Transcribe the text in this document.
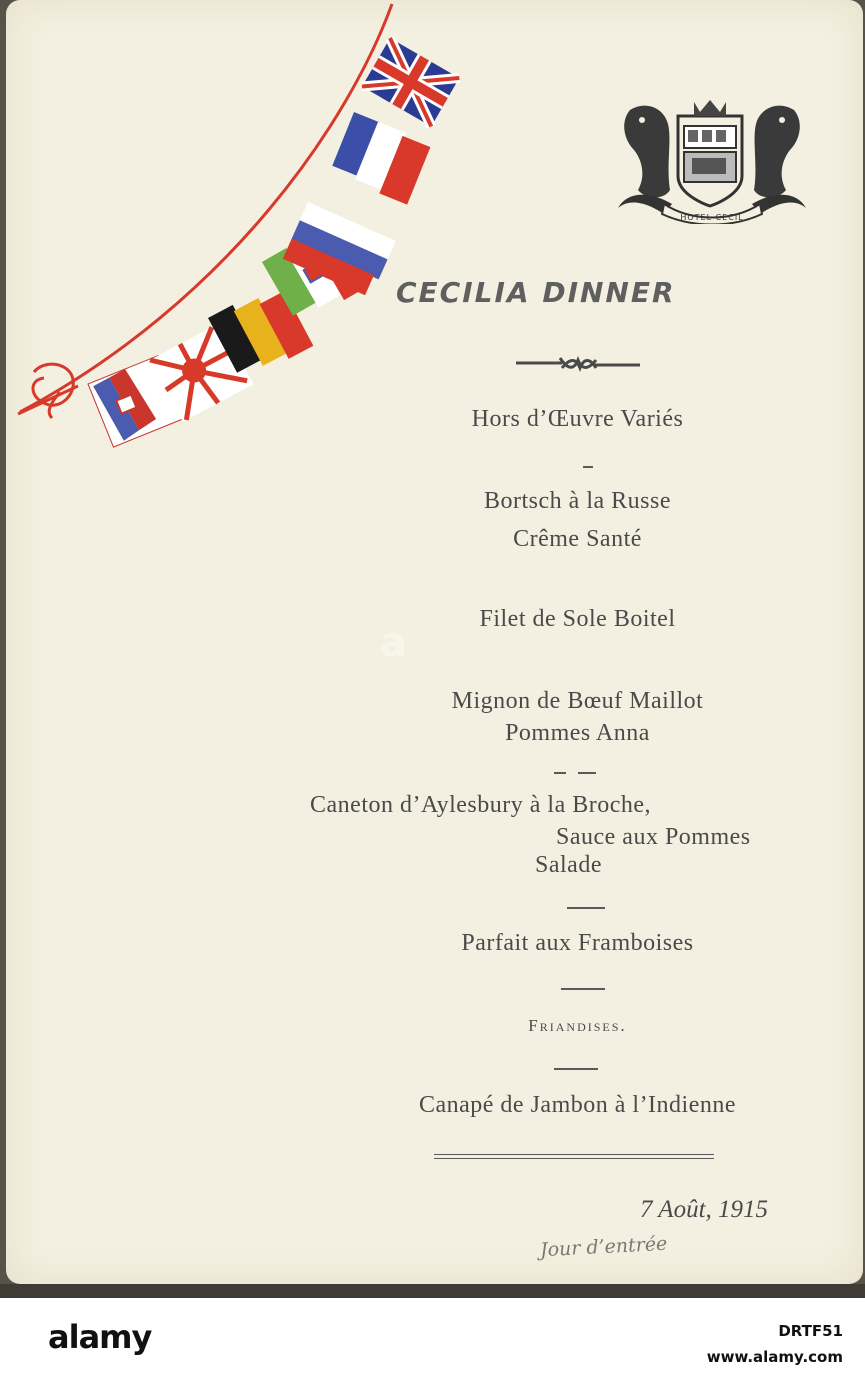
HOTEL CECIL
CECILIA DINNER
Hors d’Œuvre Variés
Bortsch à la Russe
Crême Santé
Filet de Sole Boitel
Mignon de Bœuf Maillot
Pommes Anna
Caneton d’Aylesbury à la Broche,
Sauce aux Pommes
Salade
Parfait aux Framboises
Friandises.
Canapé de Jambon à l’Indienne
7 Août, 1915
Jour d’entrée
a
alamy	DRTF51
www.alamy.com
